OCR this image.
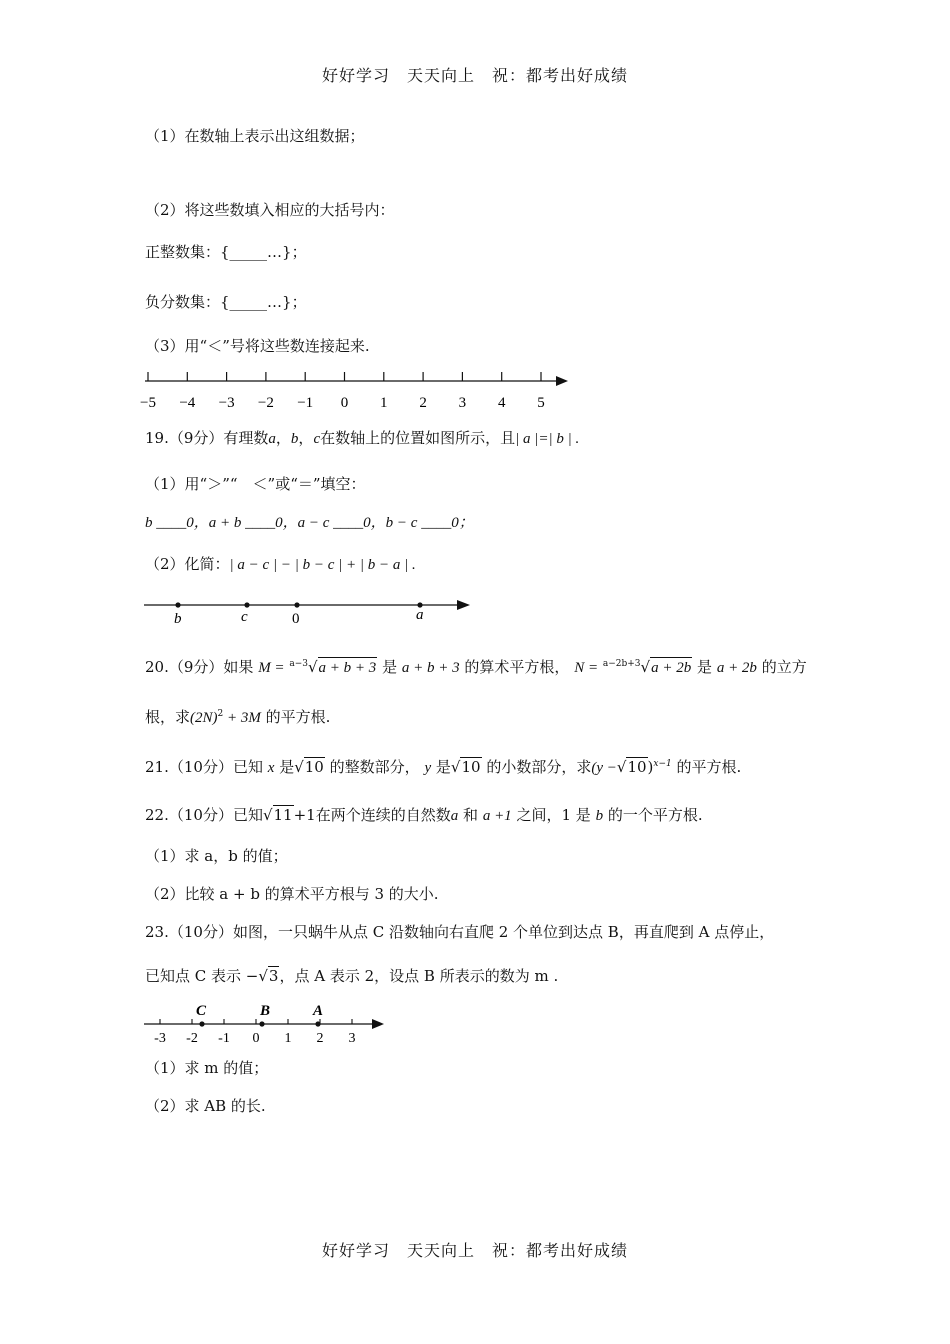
好好学习　天天向上　祝：都考出好成绩
（1）在数轴上表示出这组数据；
（2）将这些数填入相应的大括号内：
正整数集：{_____…}；
负分数集：{_____…}；
（3）用“＜”号将这些数连接起来.
−5 −4 −3 −2 −1 0 1 2 3 4 5
19.（9分）有理数a，b，c在数轴上的位置如图所示，且| a |=| b | .
（1）用“＞”“　＜”或“＝”填空：
b ____0，a + b ____0，a − c ____0，b − c ____0；
（2）化简：| a − c | − | b − c | + | b − a | .
b	c	0	a
20.（9分）如果 M = $^{a-3}$√a + b + 3 是 a + b + 3 的算术平方根， N = $^{a-2b+3}$√a + 2b 是 a + 2b 的立方
根，求$(2N)^2 + 3M$ 的平方根.
21.（10分）已知 x 是√10 的整数部分， y 是√10 的小数部分，求$(y -√10)^{x-1}$ 的平方根.
22.（10分）已知√11+1在两个连续的自然数a 和 a +1 之间，1 是 b 的一个平方根.
（1）求 a，b 的值；
（2）比较 a + b 的算术平方根与 3 的大小.
23.（10分）如图，一只蜗牛从点 C 沿数轴向右直爬 2 个单位到达点 B，再直爬到 A 点停止，
已知点 C 表示 −√3，点 A 表示 2，设点 B 所表示的数为 m .
-3 -2 -1 0 1 2 3
C	B	A
（1）求 m 的值；
（2）求 AB 的长.
好好学习　天天向上　祝：都考出好成绩
